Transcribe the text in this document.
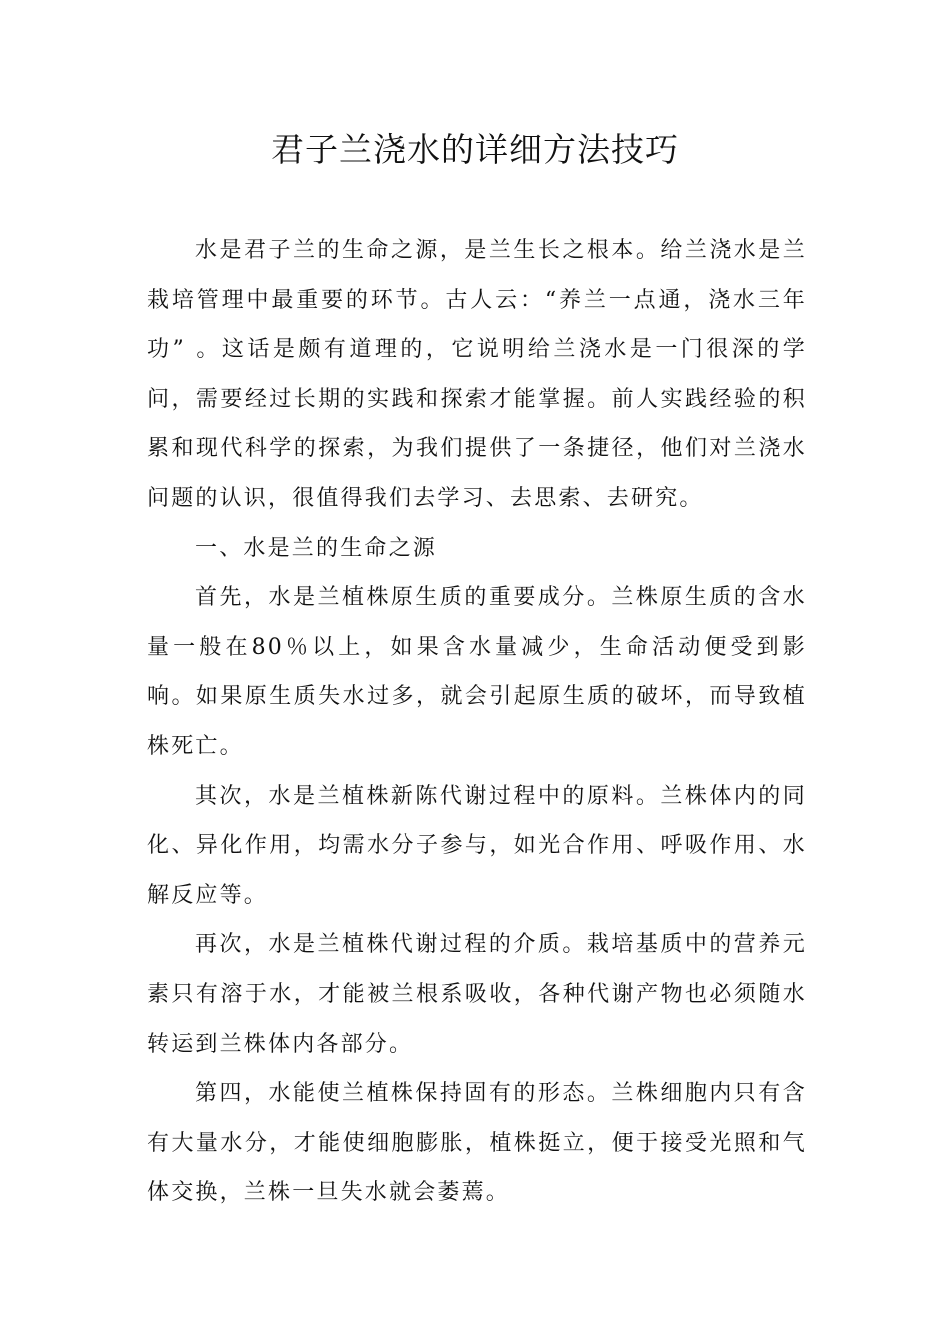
君子兰浇水的详细方法技巧

水是君子兰的生命之源，是兰生长之根本。给兰浇水是兰栽培管理中最重要的环节。古人云：“养兰一点通，浇水三年功” 。这话是颇有道理的，它说明给兰浇水是一门很深的学问，需要经过长期的实践和探索才能掌握。前人实践经验的积累和现代科学的探索，为我们提供了一条捷径，他们对兰浇水问题的认识，很值得我们去学习、去思索、去研究。

一、水是兰的生命之源

首先，水是兰植株原生质的重要成分。兰株原生质的含水量一般在80％以上，如果含水量减少，生命活动便受到影响。如果原生质失水过多，就会引起原生质的破坏，而导致植株死亡。

其次，水是兰植株新陈代谢过程中的原料。兰株体内的同化、异化作用，均需水分子参与，如光合作用、呼吸作用、水解反应等。

再次，水是兰植株代谢过程的介质。栽培基质中的营养元素只有溶于水，才能被兰根系吸收，各种代谢产物也必须随水转运到兰株体内各部分。

第四，水能使兰植株保持固有的形态。兰株细胞内只有含有大量水分，才能使细胞膨胀，植株挺立，便于接受光照和气体交换，兰株一旦失水就会萎蔫。
